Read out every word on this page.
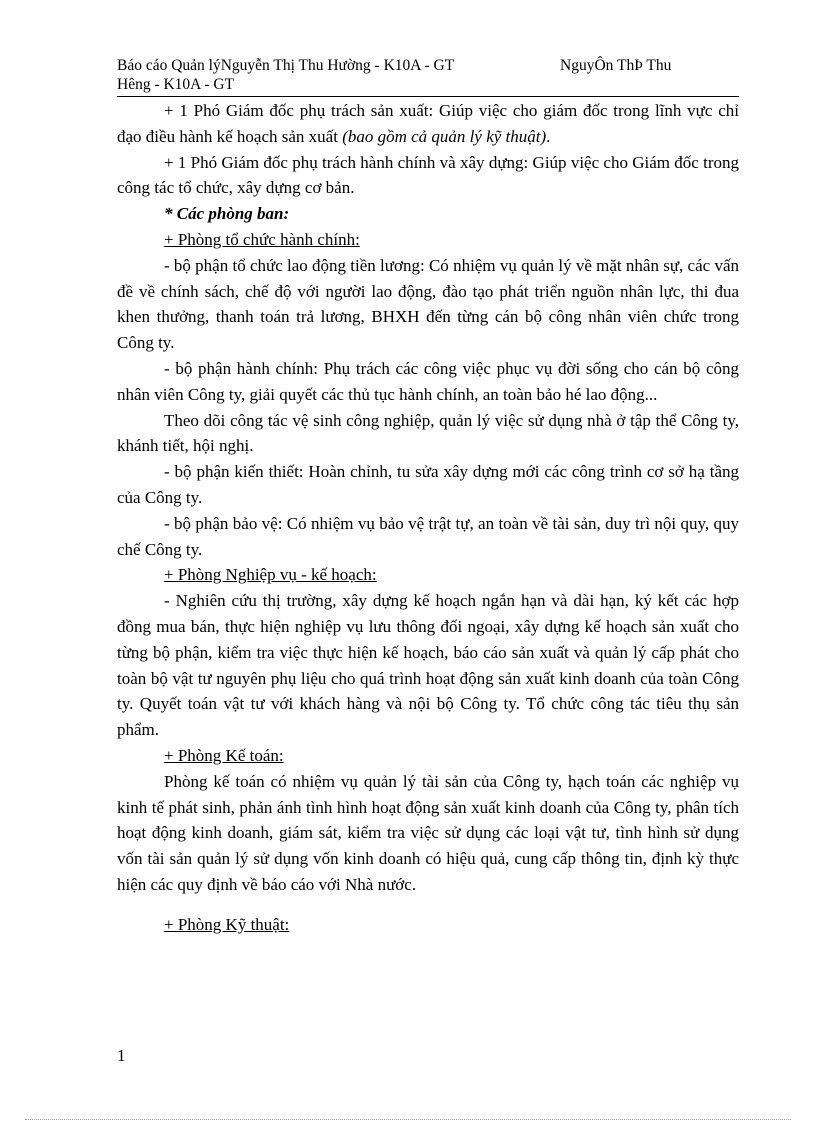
Báo cáo Quản lýNguyễn Thị Thu Hường - K10A - GT	NguyÔn ThÞ Thu
Hêng - K10A - GT

+ 1 Phó Giám đốc phụ trách sản xuất: Giúp việc cho giám đốc trong lĩnh vực chỉ đạo điều hành kế hoạch sản xuất (bao gồm cả quản lý kỹ thuật).

+ 1 Phó Giám đốc phụ trách hành chính và xây dựng: Giúp việc cho Giám đốc trong công tác tổ chức, xây dựng cơ bản.

* Các phòng ban:

+ Phòng tổ chức hành chính:

- bộ phận tổ chức lao động tiền lương: Có nhiệm vụ quản lý về mặt nhân sự, các vấn đề về chính sách, chế độ với người lao động, đào tạo phát triển nguồn nhân lực, thi đua khen thưởng, thanh toán trả lương, BHXH đến từng cán bộ công nhân viên chức trong Công ty.

- bộ phận hành chính: Phụ trách các công việc phục vụ đời sống cho cán bộ công nhân viên Công ty, giải quyết các thủ tục hành chính, an toàn bảo hé lao động...

Theo dõi công tác vệ sinh công nghiệp, quản lý việc sử dụng nhà ở tập thể Công ty, khánh tiết, hội nghị.

- bộ phận kiến thiết: Hoàn chỉnh, tu sửa xây dựng mới các công trình cơ sở hạ tầng của Công ty.

- bộ phận bảo vệ: Có nhiệm vụ bảo vệ trật tự, an toàn về tài sản, duy trì nội quy, quy chế Công ty.

+ Phòng Nghiệp vụ - kế hoạch:

- Nghiên cứu thị trường, xây dựng kế hoạch ngắn hạn và dài hạn, ký kết các hợp đồng mua bán, thực hiện nghiệp vụ lưu thông đối ngoại, xây dựng kế hoạch sản xuất cho từng bộ phận, kiểm tra việc thực hiện kế hoạch, báo cáo sản xuất và quản lý cấp phát cho toàn bộ vật tư nguyên phụ liệu cho quá trình hoạt động sản xuất kinh doanh của toàn Công ty. Quyết toán vật tư với khách hàng và nội bộ Công ty. Tổ chức công tác tiêu thụ sản phẩm.

+ Phòng Kế toán:

Phòng kế toán có nhiệm vụ quản lý tài sản của Công ty, hạch toán các nghiệp vụ kinh tế phát sinh, phản ánh tình hình hoạt động sản xuất kinh doanh của Công ty, phân tích hoạt động kinh doanh, giám sát, kiểm tra việc sử dụng các loại vật tư, tình hình sử dụng vốn tài sản quản lý sử dụng vốn kinh doanh có hiệu quả, cung cấp thông tin, định kỳ thực hiện các quy định về báo cáo với Nhà nước.

+ Phòng Kỹ thuật:

1
